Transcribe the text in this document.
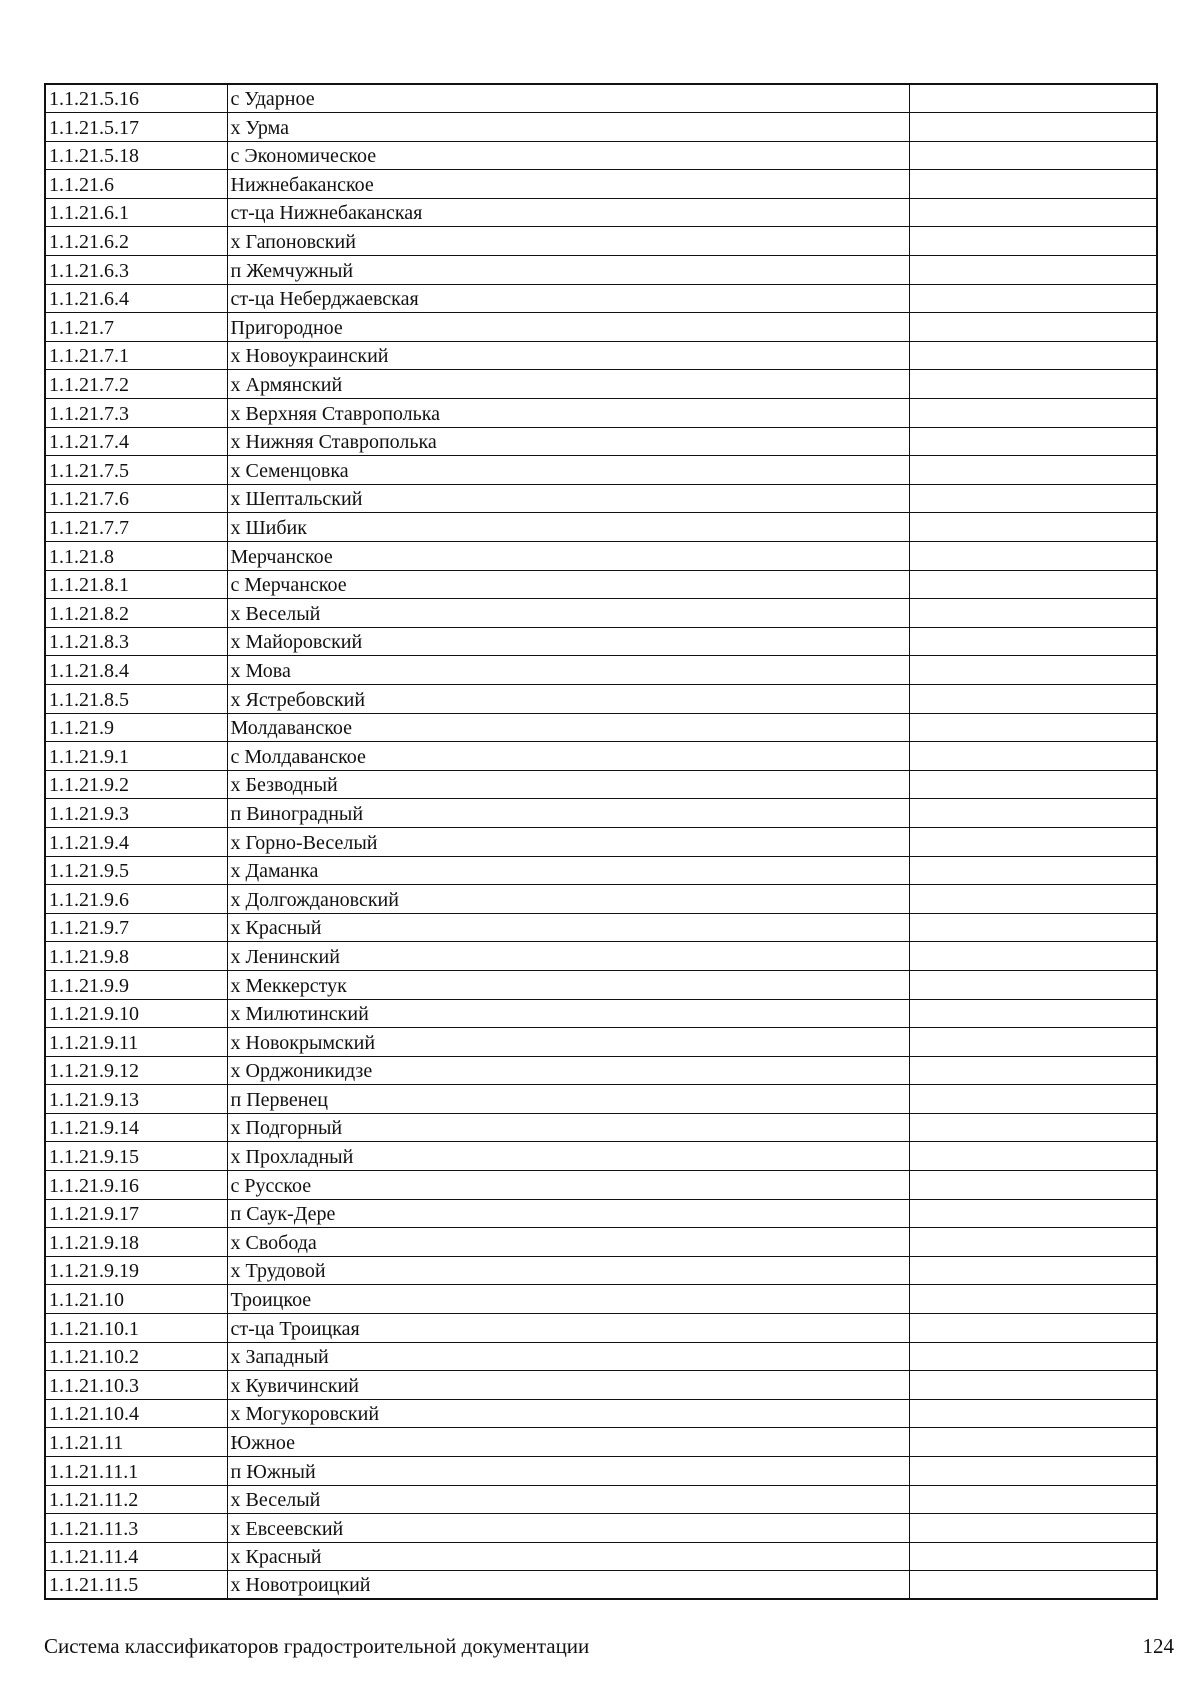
1.1.21.5.16	с Ударное	
1.1.21.5.17	х Урма	
1.1.21.5.18	с Экономическое	
1.1.21.6	Нижнебаканское	
1.1.21.6.1	ст-ца Нижнебаканская	
1.1.21.6.2	х Гапоновский	
1.1.21.6.3	п Жемчужный	
1.1.21.6.4	ст-ца Неберджаевская	
1.1.21.7	Пригородное	
1.1.21.7.1	х Новоукраинский	
1.1.21.7.2	х Армянский	
1.1.21.7.3	х Верхняя Ставрополька	
1.1.21.7.4	х Нижняя Ставрополька	
1.1.21.7.5	х Семенцовка	
1.1.21.7.6	х Шептальский	
1.1.21.7.7	х Шибик	
1.1.21.8	Мерчанское	
1.1.21.8.1	с Мерчанское	
1.1.21.8.2	х Веселый	
1.1.21.8.3	х Майоровский	
1.1.21.8.4	х Мова	
1.1.21.8.5	х Ястребовский	
1.1.21.9	Молдаванское	
1.1.21.9.1	с Молдаванское	
1.1.21.9.2	х Безводный	
1.1.21.9.3	п Виноградный	
1.1.21.9.4	х Горно-Веселый	
1.1.21.9.5	х Даманка	
1.1.21.9.6	х Долгождановский	
1.1.21.9.7	х Красный	
1.1.21.9.8	х Ленинский	
1.1.21.9.9	х Меккерстук	
1.1.21.9.10	х Милютинский	
1.1.21.9.11	х Новокрымский	
1.1.21.9.12	х Орджоникидзе	
1.1.21.9.13	п Первенец	
1.1.21.9.14	х Подгорный	
1.1.21.9.15	х Прохладный	
1.1.21.9.16	с Русское	
1.1.21.9.17	п Саук-Дере	
1.1.21.9.18	х Свобода	
1.1.21.9.19	х Трудовой	
1.1.21.10	Троицкое	
1.1.21.10.1	ст-ца Троицкая	
1.1.21.10.2	х Западный	
1.1.21.10.3	х Кувичинский	
1.1.21.10.4	х Могукоровский	
1.1.21.11	Южное	
1.1.21.11.1	п Южный	
1.1.21.11.2	х Веселый	
1.1.21.11.3	х Евсеевский	
1.1.21.11.4	х Красный	
1.1.21.11.5	х Новотроицкий	
Система классификаторов градостроительной документации	124
